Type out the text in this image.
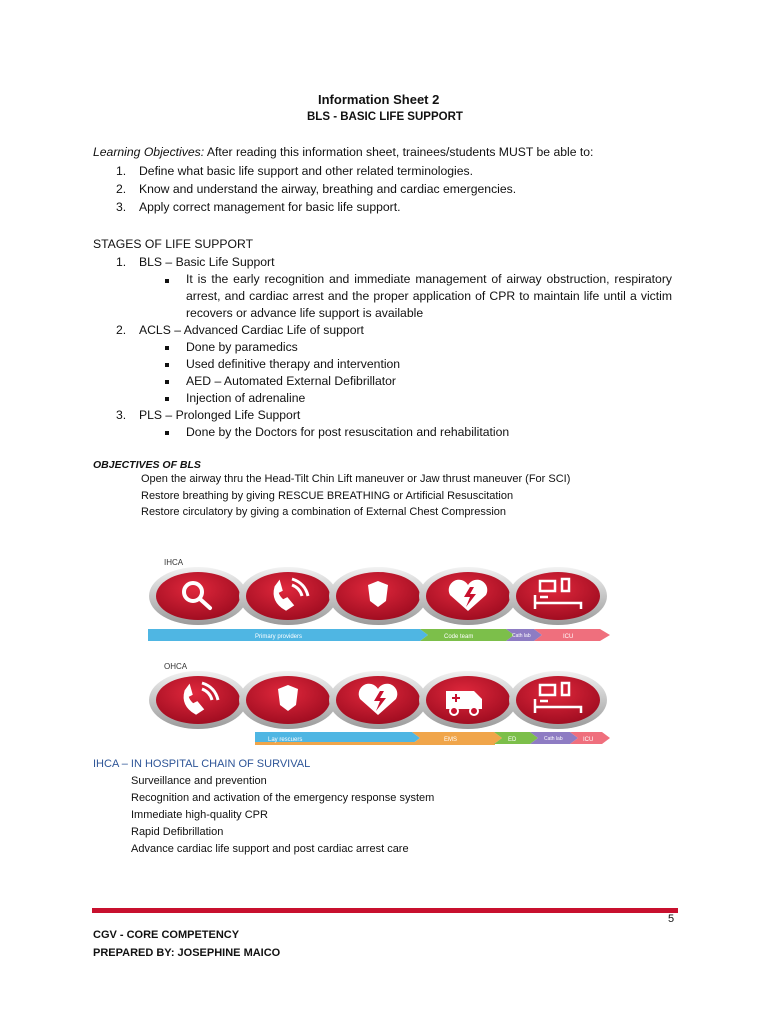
Information Sheet 2
BLS - BASIC LIFE SUPPORT
Learning Objectives: After reading this information sheet, trainees/students MUST be able to:
1. Define what basic life support and other related terminologies.
2. Know and understand the airway, breathing and cardiac emergencies.
3. Apply correct management for basic life support.
STAGES OF LIFE SUPPORT
1. BLS – Basic Life Support
It is the early recognition and immediate management of airway obstruction, respiratory arrest, and cardiac arrest and the proper application of CPR to maintain life until a victim recovers or advance life support is available
2. ACLS – Advanced Cardiac Life of support
Done by paramedics
Used definitive therapy and intervention
AED – Automated External Defibrillator
Injection of adrenaline
3. PLS – Prolonged Life Support
Done by the Doctors for post resuscitation and rehabilitation
OBJECTIVES OF BLS
Open the airway thru the Head-Tilt Chin Lift maneuver or Jaw thrust maneuver (For SCI)
Restore breathing by giving RESCUE BREATHING or Artificial Resuscitation
Restore circulatory by giving a combination of External Chest Compression
IHCA
Primary providers	Code team	Cath lab	ICU
OHCA
Lay rescuers	EMS	ED	Cath lab	ICU
IHCA – IN HOSPITAL CHAIN OF SURVIVAL
Surveillance and prevention
Recognition and activation of the emergency response system
Immediate high-quality CPR
Rapid Defibrillation
Advance cardiac life support and post cardiac arrest care
5
CGV - CORE COMPETENCY
PREPARED BY: JOSEPHINE MAICO
